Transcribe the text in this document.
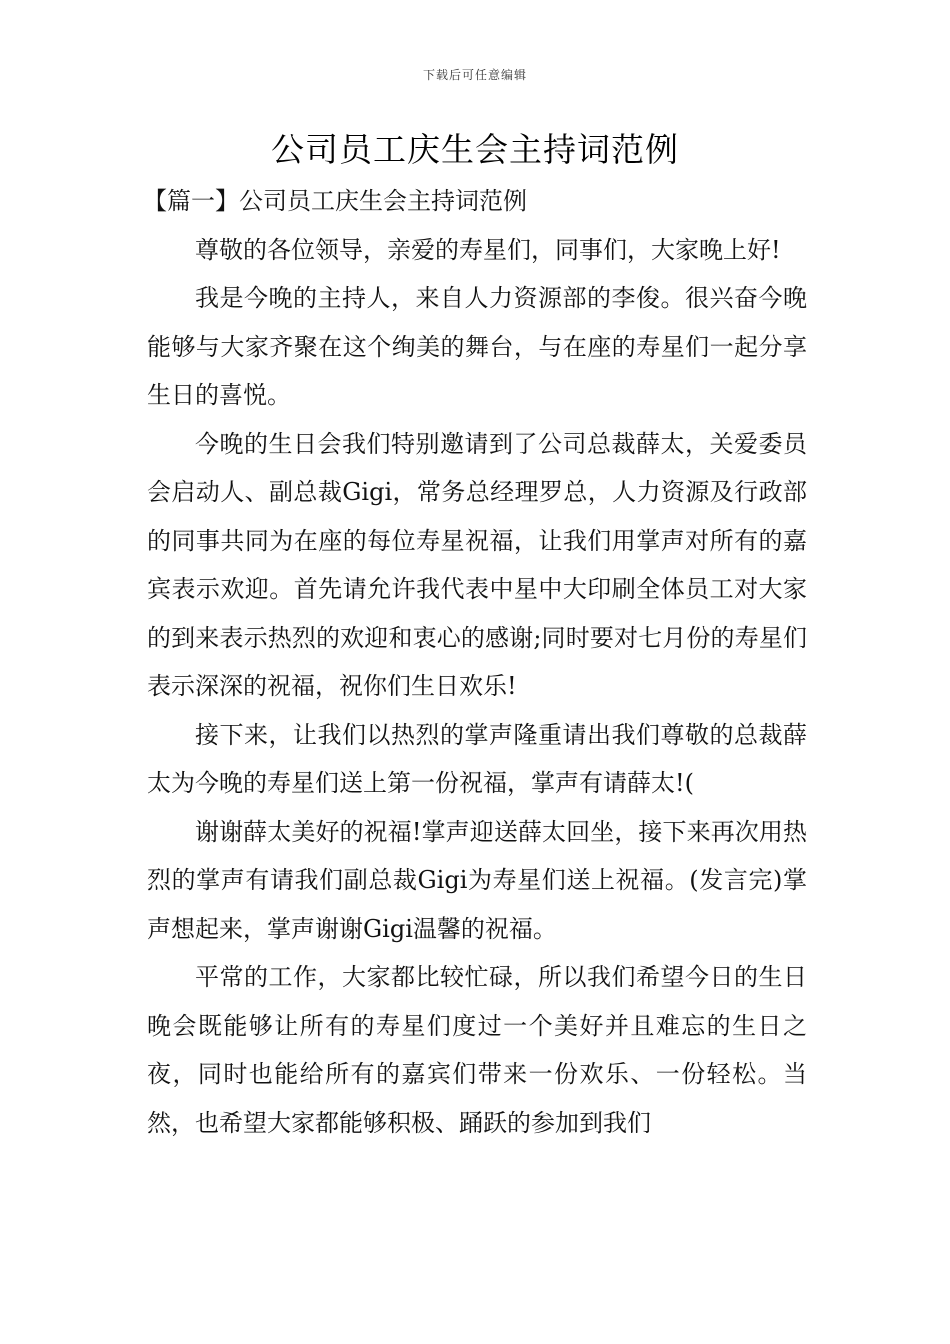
下载后可任意编辑
公司员工庆生会主持词范例

【篇一】公司员工庆生会主持词范例

尊敬的各位领导，亲爱的寿星们，同事们，大家晚上好!

我是今晚的主持人，来自人力资源部的李俊。很兴奋今晚能够与大家齐聚在这个绚美的舞台，与在座的寿星们一起分享生日的喜悦。

今晚的生日会我们特别邀请到了公司总裁薛太，关爱委员会启动人、副总裁Gigi，常务总经理罗总，人力资源及行政部的同事共同为在座的每位寿星祝福，让我们用掌声对所有的嘉宾表示欢迎。首先请允许我代表中星中大印刷全体员工对大家的到来表示热烈的欢迎和衷心的感谢;同时要对七月份的寿星们表示深深的祝福，祝你们生日欢乐!

接下来，让我们以热烈的掌声隆重请出我们尊敬的总裁薛太为今晚的寿星们送上第一份祝福，掌声有请薛太!(

谢谢薛太美好的祝福!掌声迎送薛太回坐，接下来再次用热烈的掌声有请我们副总裁Gigi为寿星们送上祝福。(发言完)掌声想起来，掌声谢谢Gigi温馨的祝福。

平常的工作，大家都比较忙碌，所以我们希望今日的生日晚会既能够让所有的寿星们度过一个美好并且难忘的生日之夜，同时也能给所有的嘉宾们带来一份欢乐、一份轻松。当然，也希望大家都能够积极、踊跃的参加到我们
